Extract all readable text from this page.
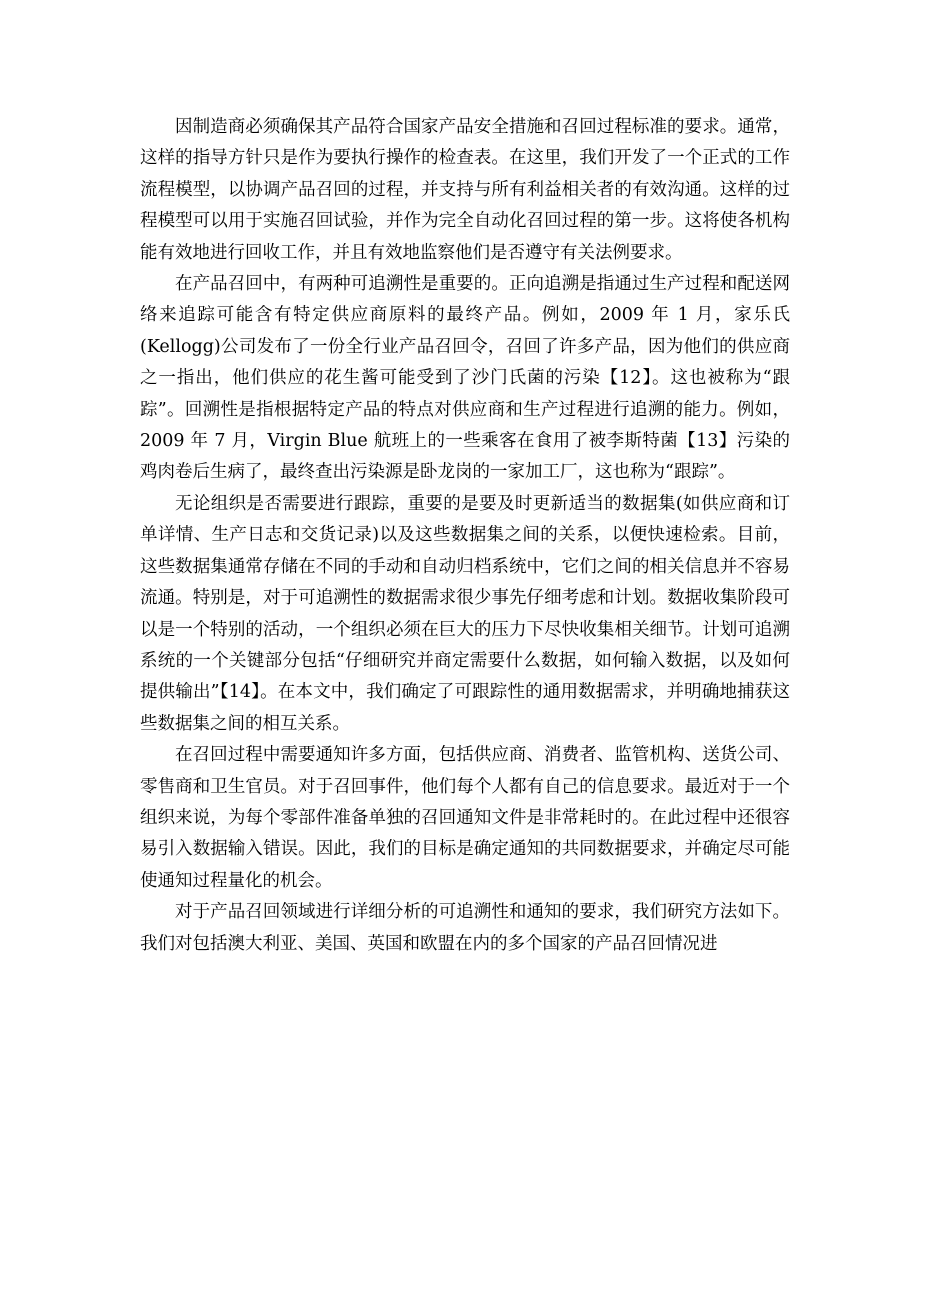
因制造商必须确保其产品符合国家产品安全措施和召回过程标准的要求。通常，这样的指导方针只是作为要执行操作的检查表。在这里，我们开发了一个正式的工作流程模型，以协调产品召回的过程，并支持与所有利益相关者的有效沟通。这样的过程模型可以用于实施召回试验，并作为完全自动化召回过程的第一步。这将使各机构能有效地进行回收工作，并且有效地监察他们是否遵守有关法例要求。

在产品召回中，有两种可追溯性是重要的。正向追溯是指通过生产过程和配送网络来追踪可能含有特定供应商原料的最终产品。例如，2009 年 1 月，家乐氏(Kellogg)公司发布了一份全行业产品召回令，召回了许多产品，因为他们的供应商之一指出，他们供应的花生酱可能受到了沙门氏菌的污染【12】。这也被称为“跟踪”。回溯性是指根据特定产品的特点对供应商和生产过程进行追溯的能力。例如，2009 年 7 月，Virgin Blue 航班上的一些乘客在食用了被李斯特菌【13】污染的鸡肉卷后生病了，最终查出污染源是卧龙岗的一家加工厂，这也称为“跟踪”。

无论组织是否需要进行跟踪，重要的是要及时更新适当的数据集(如供应商和订单详情、生产日志和交货记录)以及这些数据集之间的关系，以便快速检索。目前，这些数据集通常存储在不同的手动和自动归档系统中，它们之间的相关信息并不容易流通。特别是，对于可追溯性的数据需求很少事先仔细考虑和计划。数据收集阶段可以是一个特别的活动，一个组织必须在巨大的压力下尽快收集相关细节。计划可追溯系统的一个关键部分包括“仔细研究并商定需要什么数据，如何输入数据，以及如何提供输出”【14】。在本文中，我们确定了可跟踪性的通用数据需求，并明确地捕获这些数据集之间的相互关系。

在召回过程中需要通知许多方面，包括供应商、消费者、监管机构、送货公司、零售商和卫生官员。对于召回事件，他们每个人都有自己的信息要求。最近对于一个组织来说，为每个零部件准备单独的召回通知文件是非常耗时的。在此过程中还很容易引入数据输入错误。因此，我们的目标是确定通知的共同数据要求，并确定尽可能使通知过程量化的机会。

对于产品召回领域进行详细分析的可追溯性和通知的要求，我们研究方法如下。我们对包括澳大利亚、美国、英国和欧盟在内的多个国家的产品召回情况进
